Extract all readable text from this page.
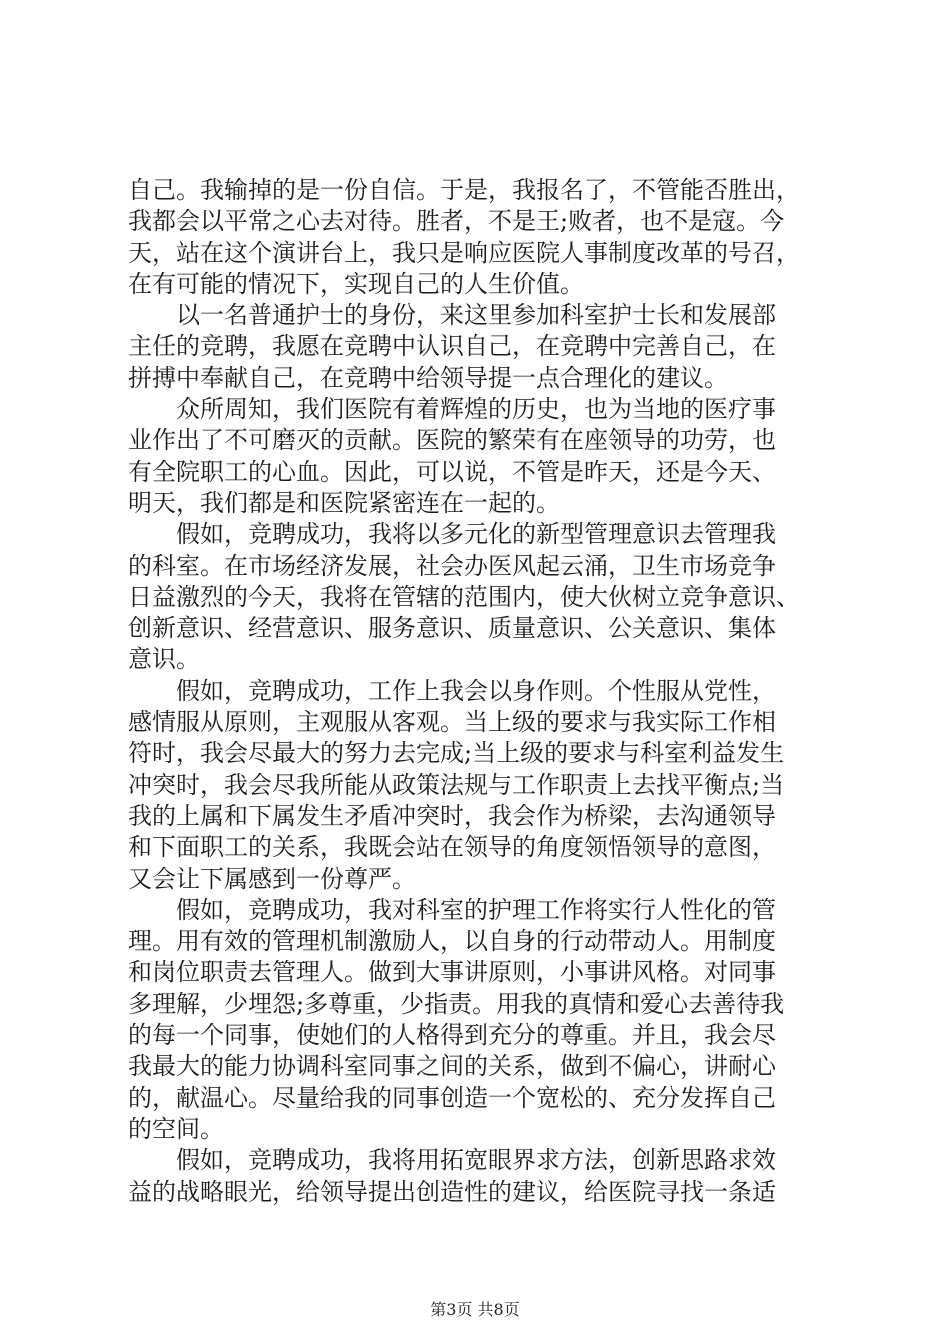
自己。我输掉的是一份自信。于是，我报名了，不管能否胜出，
我都会以平常之心去对待。胜者，不是王;败者，也不是寇。今
天，站在这个演讲台上，我只是响应医院人事制度改革的号召，
在有可能的情况下，实现自己的人生价值。
以一名普通护士的身份，来这里参加科室护士长和发展部
主任的竞聘，我愿在竞聘中认识自己，在竞聘中完善自己，在
拼搏中奉献自己，在竞聘中给领导提一点合理化的建议。
众所周知，我们医院有着辉煌的历史，也为当地的医疗事
业作出了不可磨灭的贡献。医院的繁荣有在座领导的功劳，也
有全院职工的心血。因此，可以说，不管是昨天，还是今天、
明天，我们都是和医院紧密连在一起的。
假如，竞聘成功，我将以多元化的新型管理意识去管理我
的科室。在市场经济发展，社会办医风起云涌，卫生市场竞争
日益激烈的今天，我将在管辖的范围内，使大伙树立竞争意识、
创新意识、经营意识、服务意识、质量意识、公关意识、集体
意识。
假如，竞聘成功，工作上我会以身作则。个性服从党性，
感情服从原则，主观服从客观。当上级的要求与我实际工作相
符时，我会尽最大的努力去完成;当上级的要求与科室利益发生
冲突时，我会尽我所能从政策法规与工作职责上去找平衡点;当
我的上属和下属发生矛盾冲突时，我会作为桥梁，去沟通领导
和下面职工的关系，我既会站在领导的角度领悟领导的意图，
又会让下属感到一份尊严。
假如，竞聘成功，我对科室的护理工作将实行人性化的管
理。用有效的管理机制激励人，以自身的行动带动人。用制度
和岗位职责去管理人。做到大事讲原则，小事讲风格。对同事
多理解，少埋怨;多尊重，少指责。用我的真情和爱心去善待我
的每一个同事，使她们的人格得到充分的尊重。并且，我会尽
我最大的能力协调科室同事之间的关系，做到不偏心，讲耐心
的，献温心。尽量给我的同事创造一个宽松的、充分发挥自己
的空间。
假如，竞聘成功，我将用拓宽眼界求方法，创新思路求效
益的战略眼光，给领导提出创造性的建议，给医院寻找一条适
第3页 共8页
